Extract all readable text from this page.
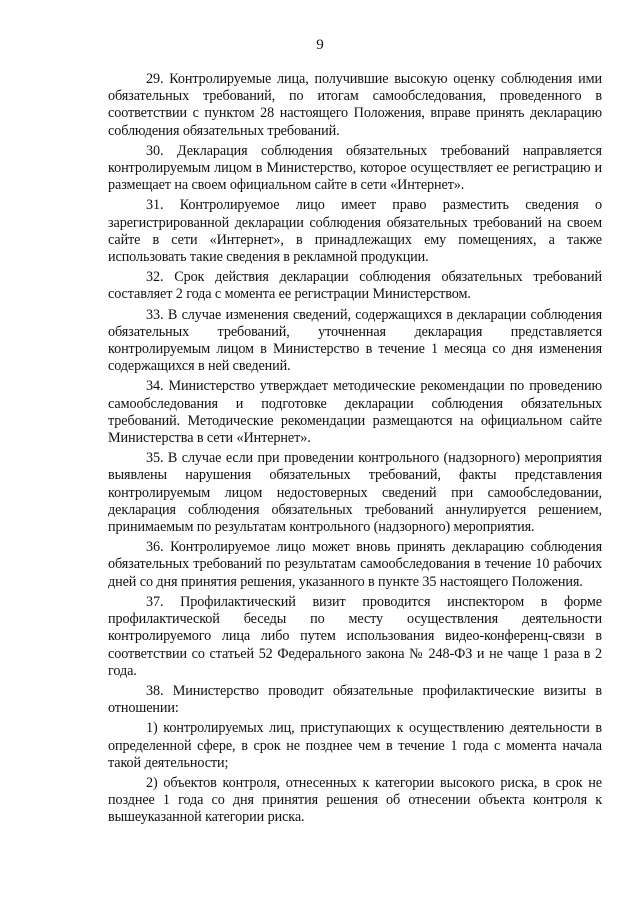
9

29. Контролируемые лица, получившие высокую оценку соблюдения ими обязательных требований, по итогам самообследования, проведенного в соответствии с пунктом 28 настоящего Положения, вправе принять декларацию соблюдения обязательных требований.

30. Декларация соблюдения обязательных требований направляется контролируемым лицом в Министерство, которое осуществляет ее регистрацию и размещает на своем официальном сайте в сети «Интернет».

31. Контролируемое лицо имеет право разместить сведения о зарегистрированной декларации соблюдения обязательных требований на своем сайте в сети «Интернет», в принадлежащих ему помещениях, а также использовать такие сведения в рекламной продукции.

32. Срок действия декларации соблюдения обязательных требований составляет 2 года с момента ее регистрации Министерством.

33. В случае изменения сведений, содержащихся в декларации соблюдения обязательных требований, уточненная декларация представляется контролируемым лицом в Министерство в течение 1 месяца со дня изменения содержащихся в ней сведений.

34. Министерство утверждает методические рекомендации по проведению самообследования и подготовке декларации соблюдения обязательных требований. Методические рекомендации размещаются на официальном сайте Министерства в сети «Интернет».

35. В случае если при проведении контрольного (надзорного) мероприятия выявлены нарушения обязательных требований, факты представления контролируемым лицом недостоверных сведений при самообследовании, декларация соблюдения обязательных требований аннулируется решением, принимаемым по результатам контрольного (надзорного) мероприятия.

36. Контролируемое лицо может вновь принять декларацию соблюдения обязательных требований по результатам самообследования в течение 10 рабочих дней со дня принятия решения, указанного в пункте 35 настоящего Положения.

37. Профилактический визит проводится инспектором в форме профилактической беседы по месту осуществления деятельности контролируемого лица либо путем использования видео-конференц-связи в соответствии со статьей 52 Федерального закона № 248-ФЗ и не чаще 1 раза в 2 года.

38. Министерство проводит обязательные профилактические визиты в отношении:

1) контролируемых лиц, приступающих к осуществлению деятельности в определенной сфере, в срок не позднее чем в течение 1 года с момента начала такой деятельности;

2) объектов контроля, отнесенных к категории высокого риска, в срок не позднее 1 года со дня принятия решения об отнесении объекта контроля к вышеуказанной категории риска.
